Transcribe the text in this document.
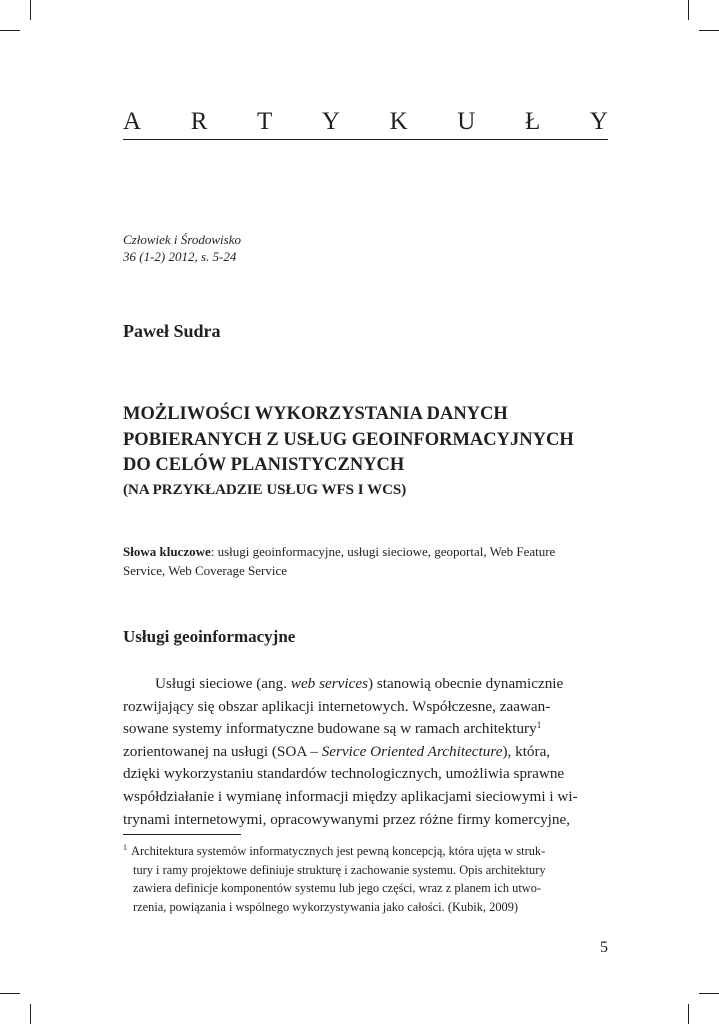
A R T Y K U Ł Y
Człowiek i Środowisko
36 (1-2) 2012, s. 5-24
Paweł Sudra
MOŻLIWOŚCI WYKORZYSTANIA DANYCH
POBIERANYCH Z USŁUG GEOINFORMACYJNYCH
DO CELÓW PLANISTYCZNYCH
(NA PRZYKŁADZIE USŁUG WFS I WCS)
Słowa kluczowe: usługi geoinformacyjne, usługi sieciowe, geoportal, Web Feature
Service, Web Coverage Service
Usługi geoinformacyjne
Usługi sieciowe (ang. web services) stanowią obecnie dynamicznie
rozwijający się obszar aplikacji internetowych. Współczesne, zaawan-
sowane systemy informatyczne budowane są w ramach architektury$^1$
zorientowanej na usługi (SOA – Service Oriented Architecture), która,
dzięki wykorzystaniu standardów technologicznych, umożliwia sprawne
współdziałanie i wymianę informacji między aplikacjami sieciowymi i wi-
trynami internetowymi, opracowywanymi przez różne firmy komercyjne,
$^1$ Architektura systemów informatycznych jest pewną koncepcją, która ujęta w struk-
tury i ramy projektowe definiuje strukturę i zachowanie systemu. Opis architektury
zawiera definicje komponentów systemu lub jego części, wraz z planem ich utwo-
rzenia, powiązania i wspólnego wykorzystywania jako całości. (Kubik, 2009)
5
